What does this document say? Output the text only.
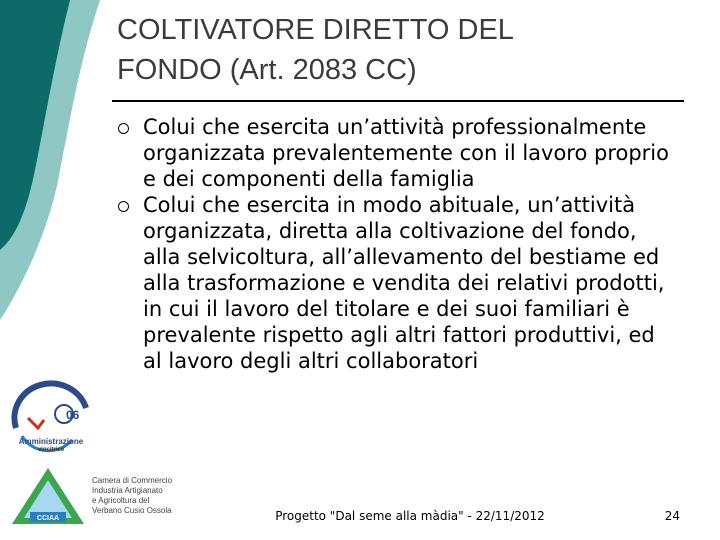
COLTIVATORE DIRETTO DEL
FONDO (Art. 2083 CC)
Colui che esercita un’attività professionalmente organizzata prevalentemente con il lavoro proprio e dei componenti della famiglia
Colui che esercita in modo abituale, un’attività organizzata, diretta alla coltivazione del fondo, alla selvicoltura, all’allevamento del bestiame ed alla trasformazione e vendita dei relativi prodotti, in cui il lavoro del titolare e dei suoi familiari è prevalente rispetto agli altri fattori produttivi, ed al lavoro degli altri collaboratori
06
Amministrazione
vincitrice
CCIAA
Camera di Commercio
Industria Artigianato
e Agricoltura del
Verbano Cusio Ossola	Progetto "Dal seme alla màdia" - 22/11/2012	24
